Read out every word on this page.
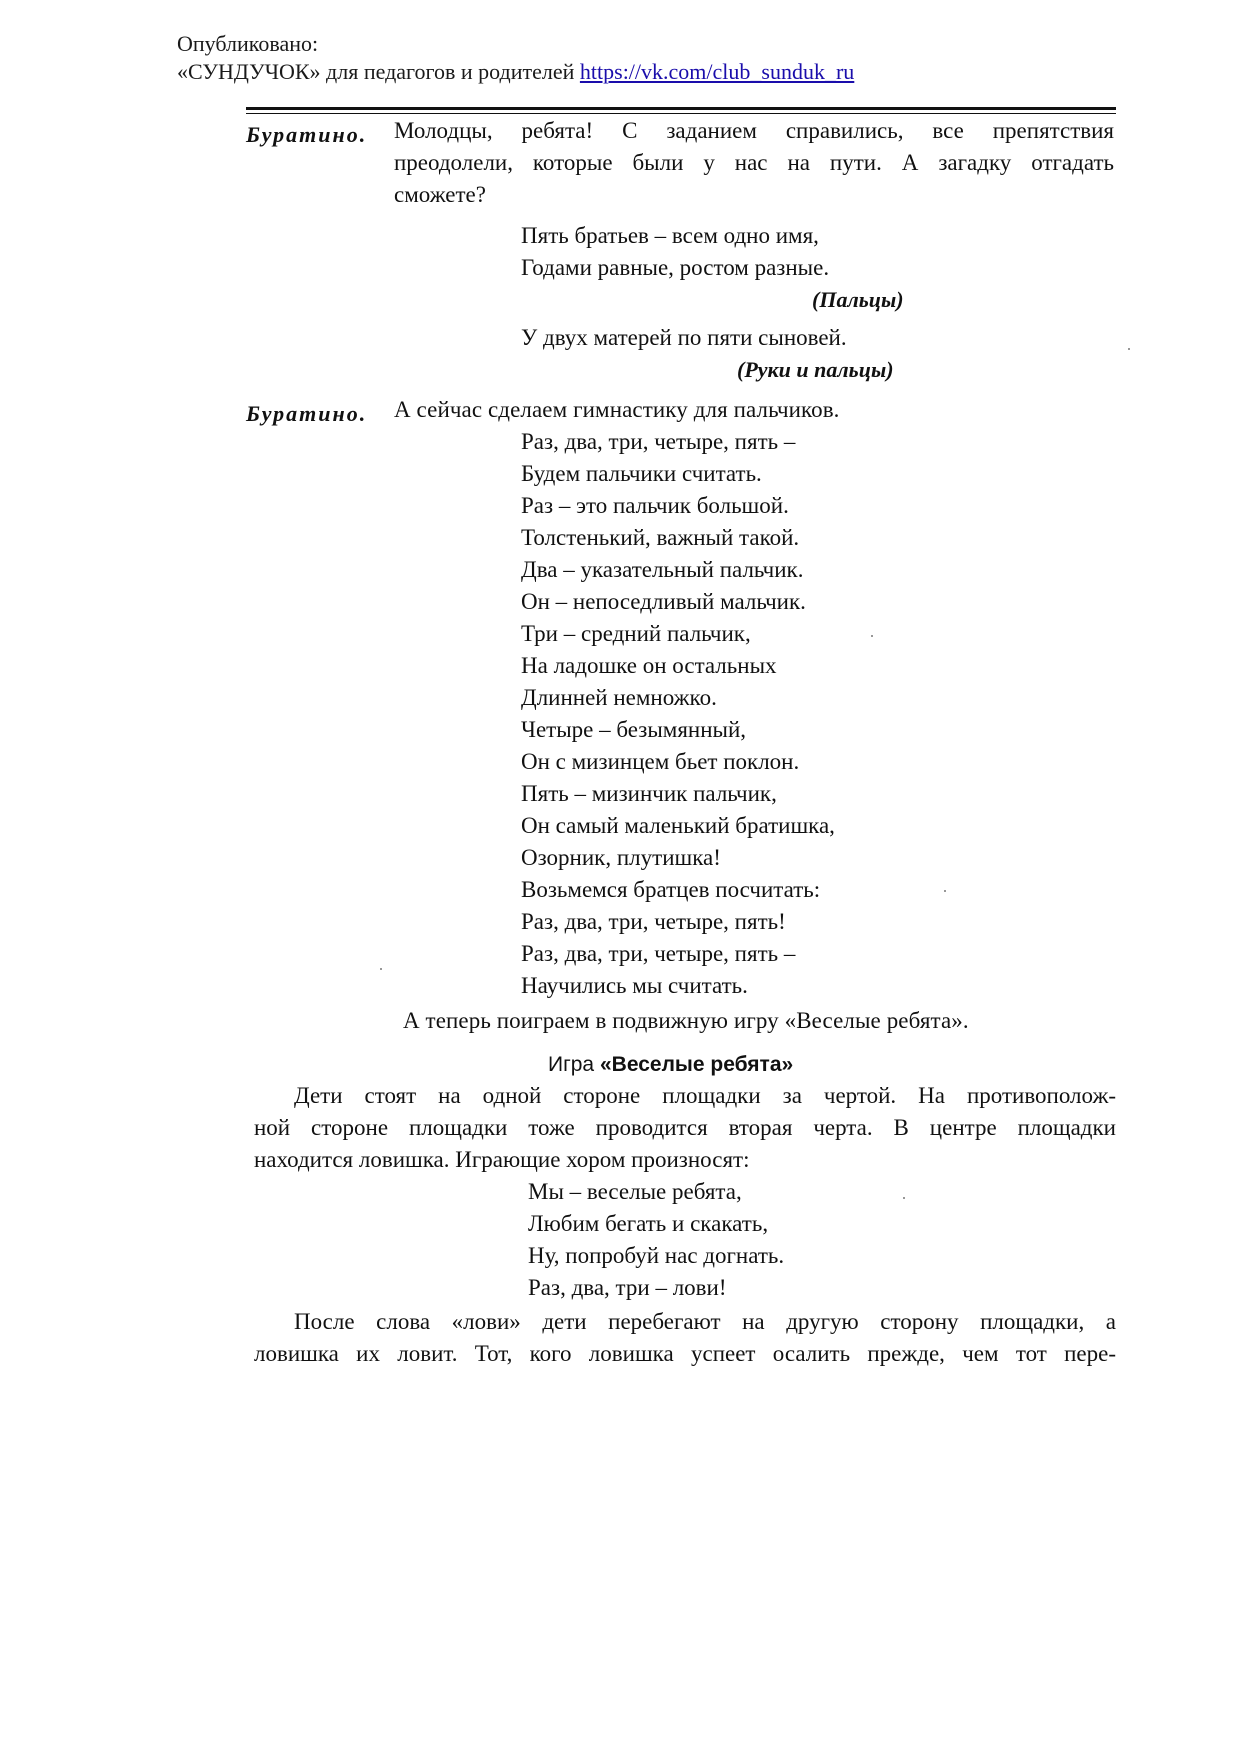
Опубликовано:
«СУНДУЧОК» для педагогов и родителей https://vk.com/club_sunduk_ru
Буратино. Молодцы, ребята! С заданием справились, все препятствия
преодолели, которые были у нас на пути. А загадку отгадать
сможете?
Пять братьев – всем одно имя,
Годами равные, ростом разные.
(Пальцы)
У двух матерей по пяти сыновей.
(Руки и пальцы)
Буратино. А сейчас сделаем гимнастику для пальчиков.
Раз, два, три, четыре, пять –
Будем пальчики считать.
Раз – это пальчик большой.
Толстенький, важный такой.
Два – указательный пальчик.
Он – непоседливый мальчик.
Три – средний пальчик,
На ладошке он остальных
Длинней немножко.
Четыре – безымянный,
Он с мизинцем бьет поклон.
Пять – мизинчик пальчик,
Он самый маленький братишка,
Озорник, плутишка!
Возьмемся братцев посчитать:
Раз, два, три, четыре, пять!
Раз, два, три, четыре, пять –
Научились мы считать.
А теперь поиграем в подвижную игру «Веселые ребята».
Игра «Веселые ребята»
Дети стоят на одной стороне площадки за чертой. На противополож-
ной стороне площадки тоже проводится вторая черта. В центре площадки
находится ловишка. Играющие хором произносят:
Мы – веселые ребята,
Любим бегать и скакать,
Ну, попробуй нас догнать.
Раз, два, три – лови!
После слова «лови» дети перебегают на другую сторону площадки, а
ловишка их ловит. Тот, кого ловишка успеет осалить прежде, чем тот пере-
